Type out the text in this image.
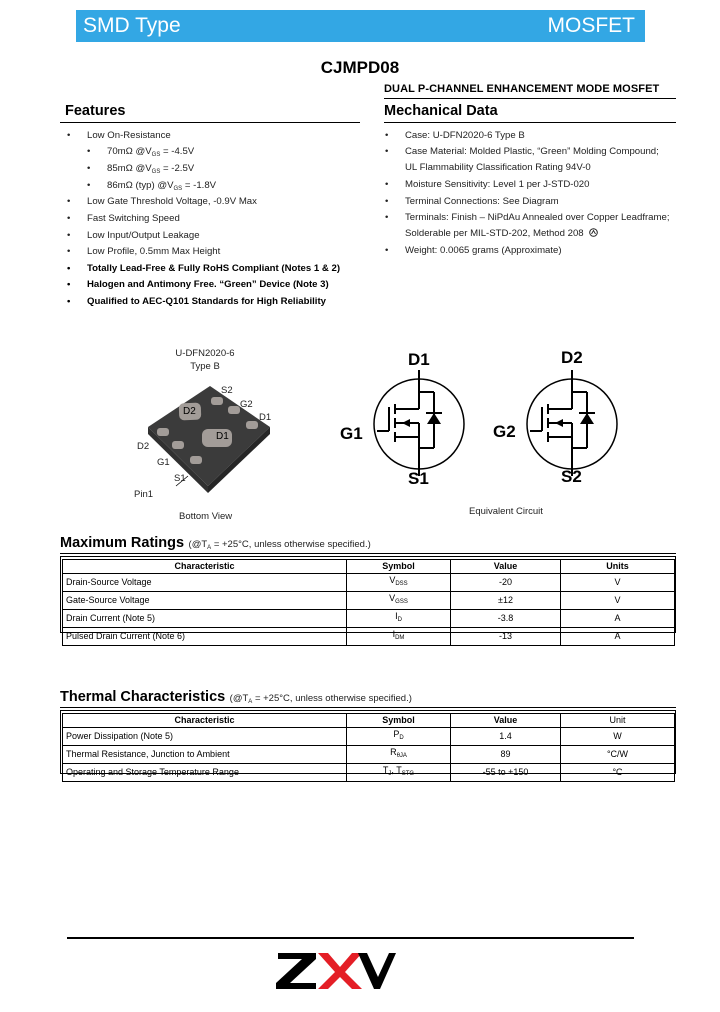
SMD Type	MOSFET
CJMPD08
DUAL P-CHANNEL ENHANCEMENT MODE MOSFET
Features
• Low On-Resistance
• 70mΩ $@V_{GS} = -4.5V$
• 85mΩ $@V_{GS} = -2.5V$
• 86mΩ (typ) $@V_{GS} = -1.8V$
• Low Gate Threshold Voltage, -0.9V Max
• Fast Switching Speed
• Low Input/Output Leakage
• Low Profile, 0.5mm Max Height
• Totally Lead-Free & Fully RoHS Compliant (Notes 1 & 2)
• Halogen and Antimony Free. “Green” Device (Note 3)
• Qualified to AEC-Q101 Standards for High Reliability
Mechanical Data
• Case: U-DFN2020-6 Type B
• Case Material: Molded Plastic, “Green” Molding Compound;
UL Flammability Classification Rating 94V-0
• Moisture Sensitivity: Level 1 per J-STD-020
• Terminal Connections: See Diagram
• Terminals: Finish – NiPdAu Annealed over Copper Leadframe;
Solderable per MIL-STD-202, Method 208
• Weight: 0.0065 grams (Approximate)
U-DFN2020-6
Type B
D2
D1
S2
G2
D1
D2
G1
S1
Pin1
Bottom View
D1
G1
S1
D2
G2
S2
Equivalent Circuit
Maximum Ratings ($@T_A = +25^\circ C$, unless otherwise specified.)
Characteristic	Symbol	Value	Units
Drain-Source Voltage	$V_{DSS}$	-20	V
Gate-Source Voltage	$V_{GSS}$	±12	V
Drain Current (Note 5)	$I_D$	-3.8	A
Pulsed Drain Current (Note 6)	$I_{DM}$	-13	A
Thermal Characteristics ($@T_A = +25^\circ C$, unless otherwise specified.)
Characteristic	Symbol	Value	Unit
Power Dissipation (Note 5)	$P_D$	1.4	W
Thermal Resistance, Junction to Ambient	$R_{\theta JA}$	89	°C/W
Operating and Storage Temperature Range	$T_J$, $T_{STG}$	-55 to +150	°C
